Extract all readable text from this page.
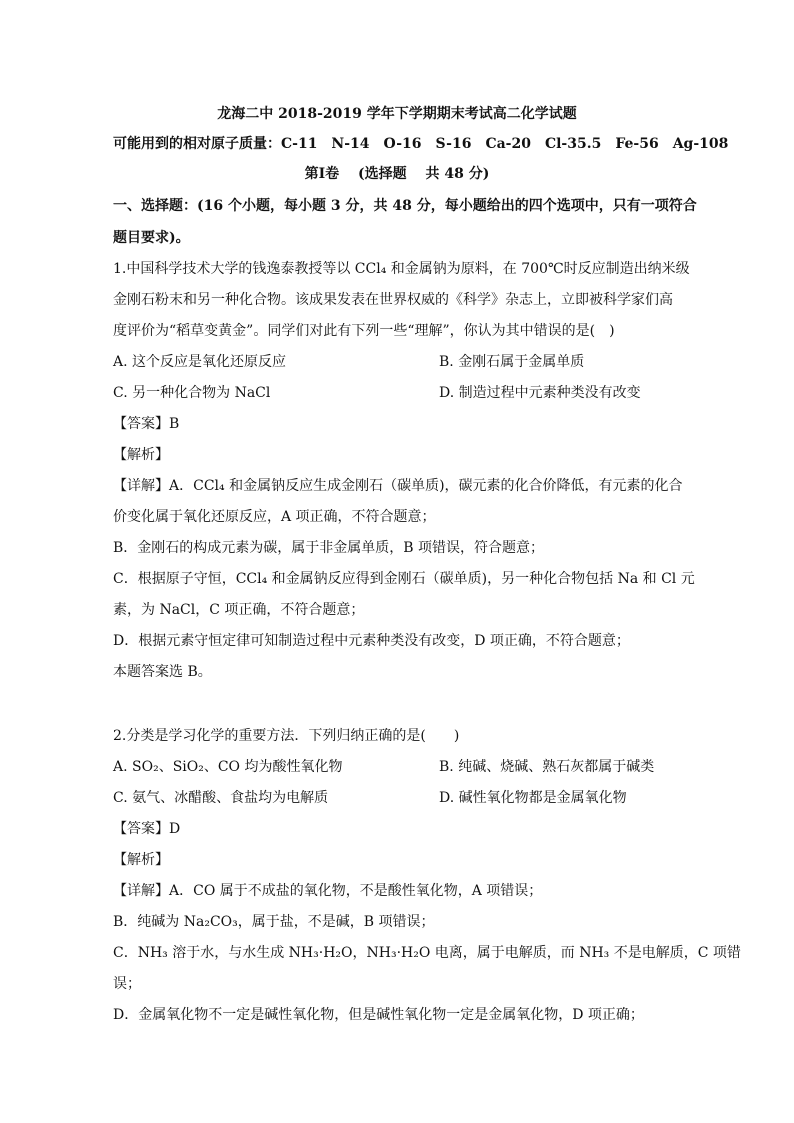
龙海二中 2018-2019 学年下学期期末考试高二化学试题
可能用到的相对原子质量：C-11　N-14　O-16　S-16　Ca-20　Cl-35.5　Fe-56　Ag-108
第Ⅰ卷　 (选择题　 共 48 分)
一、选择题：(16 个小题，每小题 3 分，共 48 分，每小题给出的四个选项中，只有一项符合
题目要求)。
1.中国科学技术大学的钱逸泰教授等以 CCl₄ 和金属钠为原料，在 700℃时反应制造出纳米级
金刚石粉末和另一种化合物。该成果发表在世界权威的《科学》杂志上，立即被科学家们高
度评价为“稻草变黄金”。同学们对此有下列一些“理解”，你认为其中错误的是(　)
A. 这个反应是氧化还原反应	B. 金刚石属于金属单质
C. 另一种化合物为 NaCl	D. 制造过程中元素种类没有改变
【答案】B
【解析】
【详解】A．CCl₄ 和金属钠反应生成金刚石（碳单质)，碳元素的化合价降低，有元素的化合
价变化属于氧化还原反应，A 项正确，不符合题意；
B．金刚石的构成元素为碳，属于非金属单质，B 项错误，符合题意；
C．根据原子守恒，CCl₄ 和金属钠反应得到金刚石（碳单质)，另一种化合物包括 Na 和 Cl 元
素，为 NaCl，C 项正确，不符合题意；
D．根据元素守恒定律可知制造过程中元素种类没有改变，D 项正确，不符合题意；
本题答案选 B。
2.分类是学习化学的重要方法．下列归纳正确的是(　　)
A. SO₂、SiO₂、CO 均为酸性氧化物	B. 纯碱、烧碱、熟石灰都属于碱类
C. 氨气、冰醋酸、食盐均为电解质	D. 碱性氧化物都是金属氧化物
【答案】D
【解析】
【详解】A．CO 属于不成盐的氧化物，不是酸性氧化物，A 项错误；
B．纯碱为 Na₂CO₃，属于盐，不是碱，B 项错误；
C．NH₃ 溶于水，与水生成 NH₃·H₂O，NH₃·H₂O 电离，属于电解质，而 NH₃ 不是电解质，C 项错
误；
D．金属氧化物不一定是碱性氧化物，但是碱性氧化物一定是金属氧化物，D 项正确；
